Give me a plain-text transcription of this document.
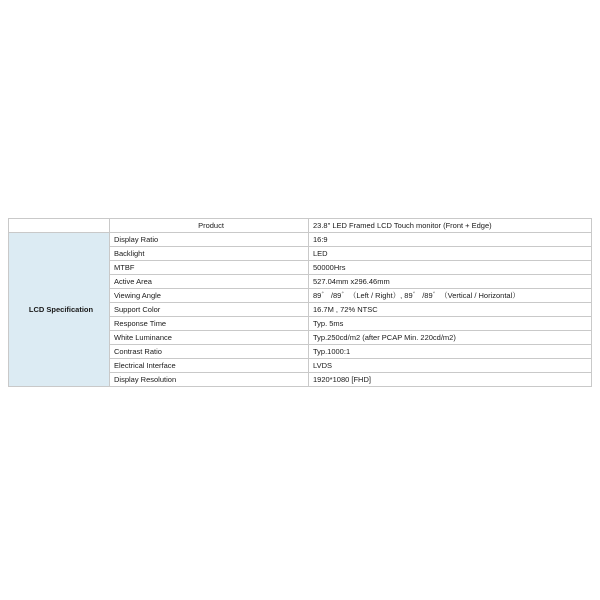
	Product	23.8" LED Framed LCD Touch monitor (Front + Edge)
LCD Specification	Display Ratio	16:9
	Backlight	LED
	MTBF	50000Hrs
	Active Area	527.04mm x296.46mm
	Viewing Angle	89゛ /89゛（Left / Right）, 89゛ /89゛（Vertical / Horizontal）
	Support Color	16.7M , 72% NTSC
	Response Time	Typ. 5ms
	White Luminance	Typ.250cd/m2 (after PCAP Min. 220cd/m2)
	Contrast Ratio	Typ.1000:1
	Electrical Interface	LVDS
	Display Resolution	1920*1080 [FHD]
